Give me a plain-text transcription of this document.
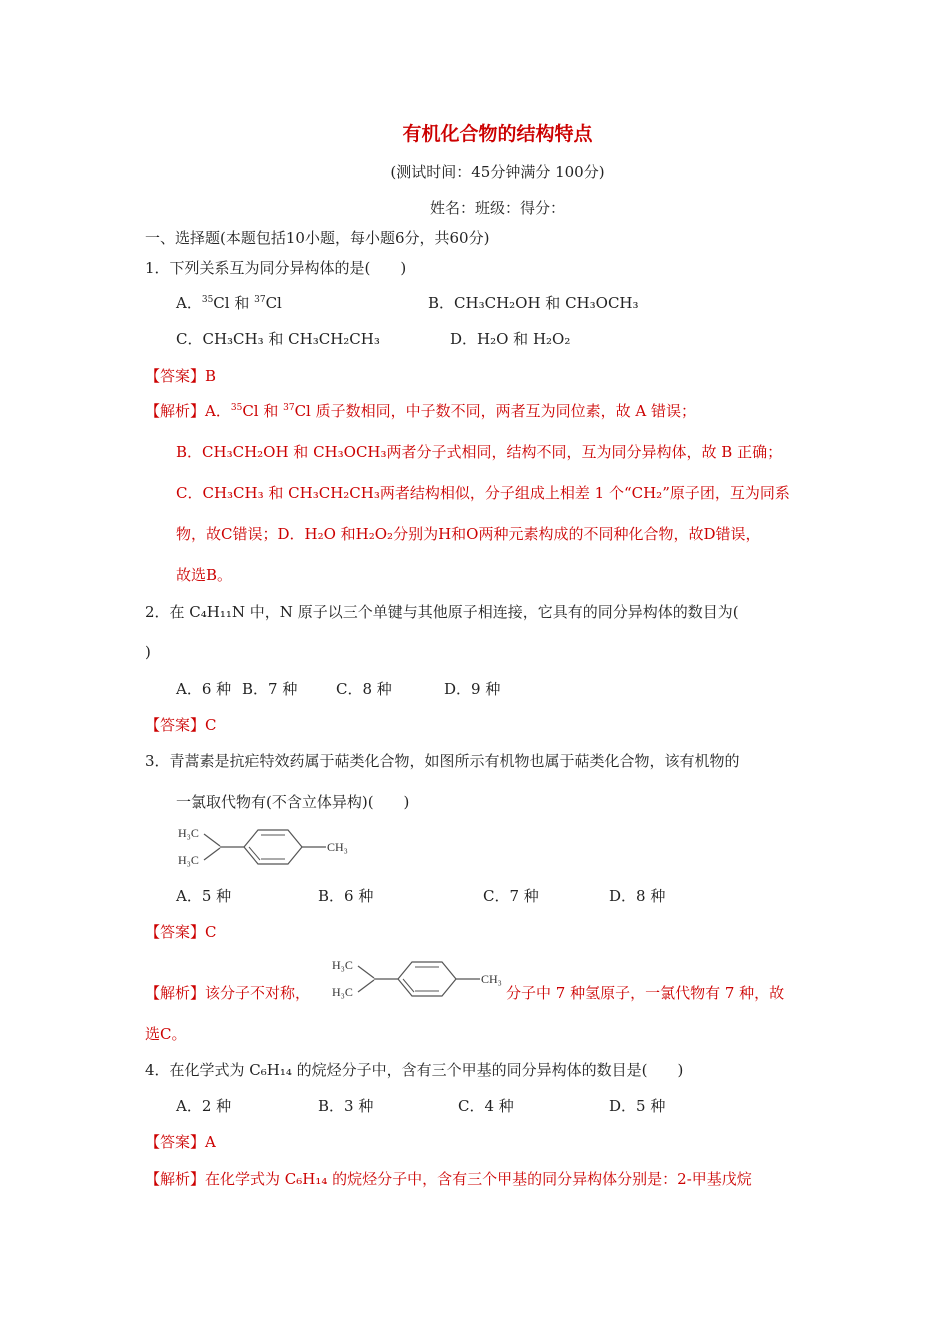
有机化合物的结构特点
(测试时间：45分钟满分 100分)
姓名：班级：得分：
一、选择题(本题包括10小题，每小题6分，共60分)
1．下列关系互为同分异构体的是(　　)
A．$^{35}$Cl 和 $^{37}$Cl	B．CH₃CH₂OH 和 CH₃OCH₃
C．CH₃CH₃ 和 CH₃CH₂CH₃	D．H₂O 和 H₂O₂
【答案】B
【解析】A．$^{35}$Cl 和 $^{37}$Cl 质子数相同，中子数不同，两者互为同位素，故 A 错误；
B．CH₃CH₂OH 和 CH₃OCH₃两者分子式相同，结构不同，互为同分异构体，故 B 正确；
C．CH₃CH₃ 和 CH₃CH₂CH₃两者结构相似，分子组成上相差 1 个“CH₂”原子团，互为同系
物，故C错误；D．H₂O 和H₂O₂分别为H和O两种元素构成的不同种化合物，故D错误，
故选B。
2．在 C₄H₁₁N 中，N 原子以三个单键与其他原子相连接，它具有的同分异构体的数目为(
)
A．6 种 B．7 种	C．8 种	D．9 种
【答案】C
3．青蒿素是抗疟特效药属于萜类化合物，如图所示有机物也属于萜类化合物，该有机物的
一氯取代物有(不含立体异构)(　　)
H₃C
H₃C
CH₃
A．5 种	B．6 种	C．7 种	D．8 种
【答案】C
【解析】该分子不对称，
H₃C
H₃C
CH₃
分子中 7 种氢原子，一氯代物有 7 种，故
选C。
4．在化学式为 C₆H₁₄ 的烷烃分子中，含有三个甲基的同分异构体的数目是(　　)
A．2 种	B．3 种	C．4 种	D．5 种
【答案】A
【解析】在化学式为 C₆H₁₄ 的烷烃分子中，含有三个甲基的同分异构体分别是：2-甲基戊烷
